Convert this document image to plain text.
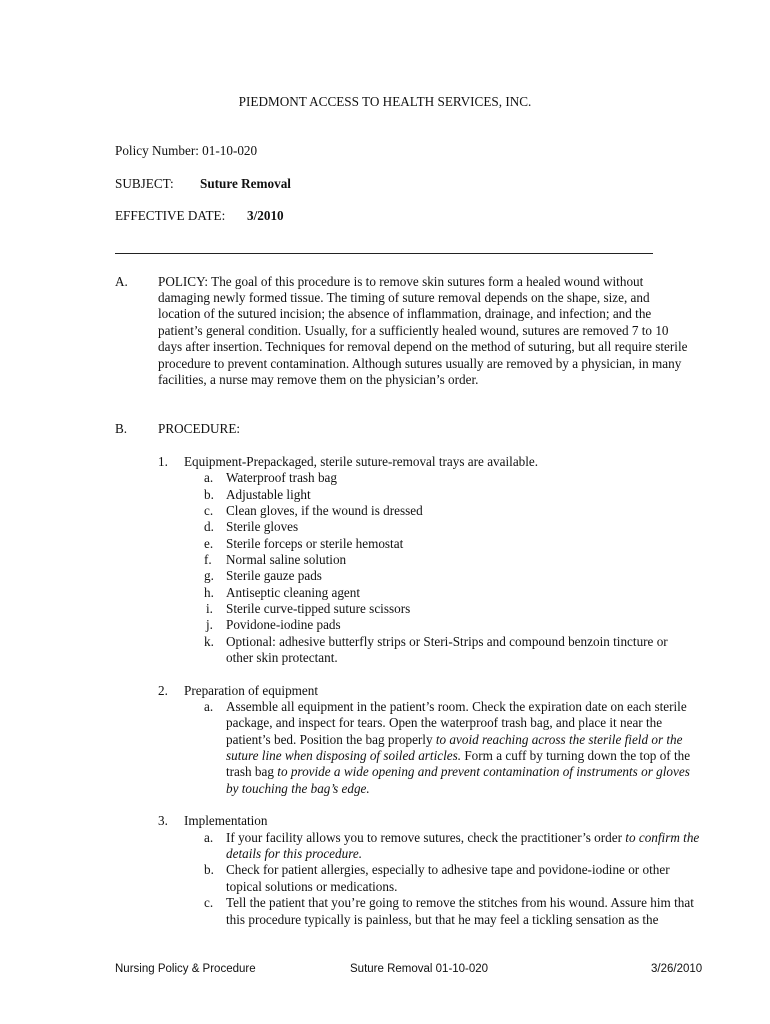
PIEDMONT ACCESS TO HEALTH SERVICES, INC.
Policy Number: 01-10-020
SUBJECT: Suture Removal
EFFECTIVE DATE: 3/2010
A. POLICY: The goal of this procedure is to remove skin sutures form a healed wound without
damaging newly formed tissue. The timing of suture removal depends on the shape, size, and
location of the sutured incision; the absence of inflammation, drainage, and infection; and the
patient’s general condition. Usually, for a sufficiently healed wound, sutures are removed 7 to 10
days after insertion. Techniques for removal depend on the method of suturing, but all require sterile
procedure to prevent contamination. Although sutures usually are removed by a physician, in many
facilities, a nurse may remove them on the physician’s order.
B. PROCEDURE:
1. Equipment-Prepackaged, sterile suture-removal trays are available.
a. Waterproof trash bag
b. Adjustable light
c. Clean gloves, if the wound is dressed
d. Sterile gloves
e. Sterile forceps or sterile hemostat
f. Normal saline solution
g. Sterile gauze pads
h. Antiseptic cleaning agent
i. Sterile curve-tipped suture scissors
j. Povidone-iodine pads
k. Optional: adhesive butterfly strips or Steri-Strips and compound benzoin tincture or
other skin protectant.
2. Preparation of equipment
a. Assemble all equipment in the patient’s room. Check the expiration date on each sterile
package, and inspect for tears. Open the waterproof trash bag, and place it near the
patient’s bed. Position the bag properly to avoid reaching across the sterile field or the
suture line when disposing of soiled articles. Form a cuff by turning down the top of the
trash bag to provide a wide opening and prevent contamination of instruments or gloves
by touching the bag’s edge.
3. Implementation
a. If your facility allows you to remove sutures, check the practitioner’s order to confirm the
details for this procedure.
b. Check for patient allergies, especially to adhesive tape and povidone-iodine or other
topical solutions or medications.
c. Tell the patient that you’re going to remove the stitches from his wound. Assure him that
this procedure typically is painless, but that he may feel a tickling sensation as the
Nursing Policy & Procedure	Suture Removal 01-10-020	3/26/2010
